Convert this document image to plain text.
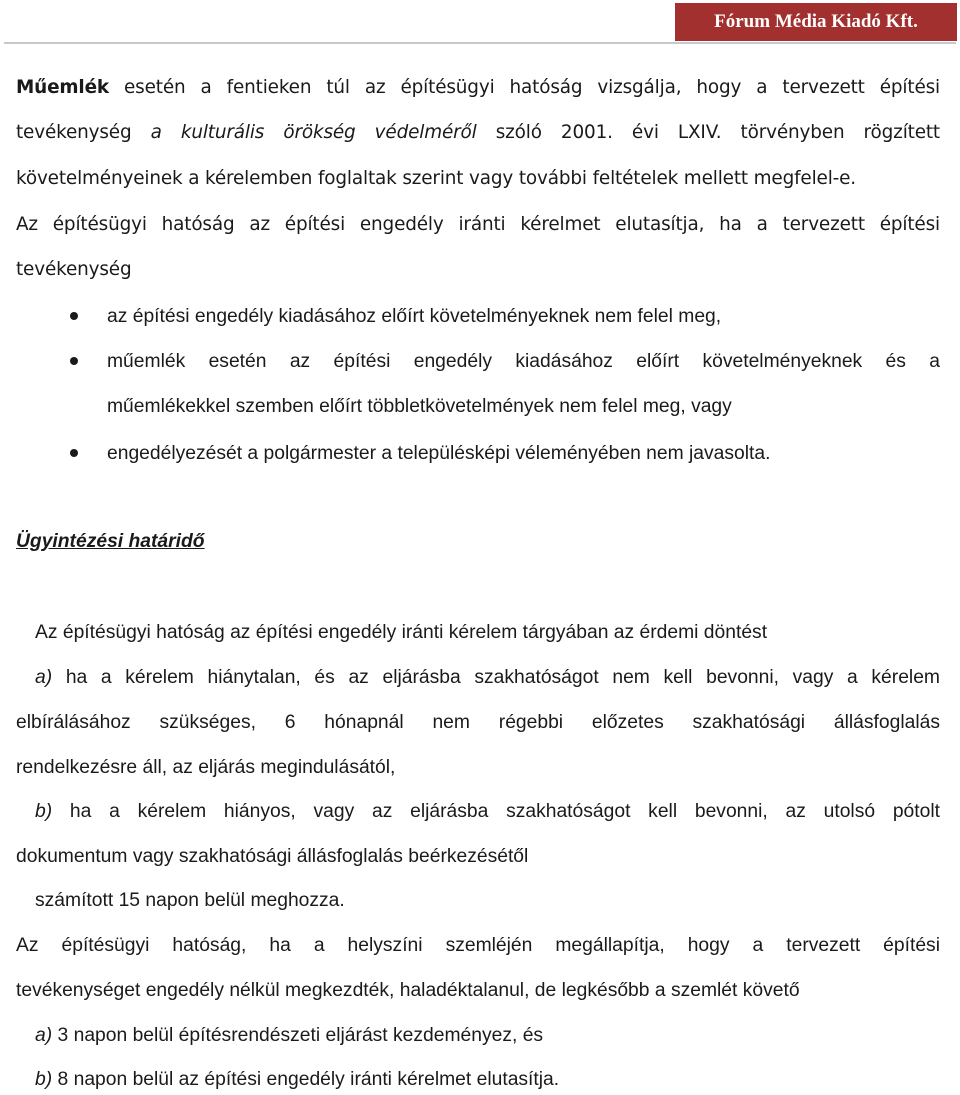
Fórum Média Kiadó Kft.
Műemlék esetén a fentieken túl az építésügyi hatóság vizsgálja, hogy a tervezett építési
tevékenység a kulturális örökség védelméről szóló 2001. évi LXIV. törvényben rögzített
követelményeinek a kérelemben foglaltak szerint vagy további feltételek mellett megfelel-e.
Az építésügyi hatóság az építési engedély iránti kérelmet elutasítja, ha a tervezett építési
tevékenység
az építési engedély kiadásához előírt követelményeknek nem felel meg,
műemlék esetén az építési engedély kiadásához előírt követelményeknek és a
műemlékekkel szemben előírt többletkövetelmények nem felel meg, vagy
engedélyezését a polgármester a településképi véleményében nem javasolta.
Ügyintézési határidő
Az építésügyi hatóság az építési engedély iránti kérelem tárgyában az érdemi döntést
a) ha a kérelem hiánytalan, és az eljárásba szakhatóságot nem kell bevonni, vagy a kérelem
elbírálásához szükséges, 6 hónapnál nem régebbi előzetes szakhatósági állásfoglalás
rendelkezésre áll, az eljárás megindulásától,
b) ha a kérelem hiányos, vagy az eljárásba szakhatóságot kell bevonni, az utolsó pótolt
dokumentum vagy szakhatósági állásfoglalás beérkezésétől
számított 15 napon belül meghozza.
Az építésügyi hatóság, ha a helyszíni szemléjén megállapítja, hogy a tervezett építési
tevékenységet engedély nélkül megkezdték, haladéktalanul, de legkésőbb a szemlét követő
a) 3 napon belül építésrendészeti eljárást kezdeményez, és
b) 8 napon belül az építési engedély iránti kérelmet elutasítja.
